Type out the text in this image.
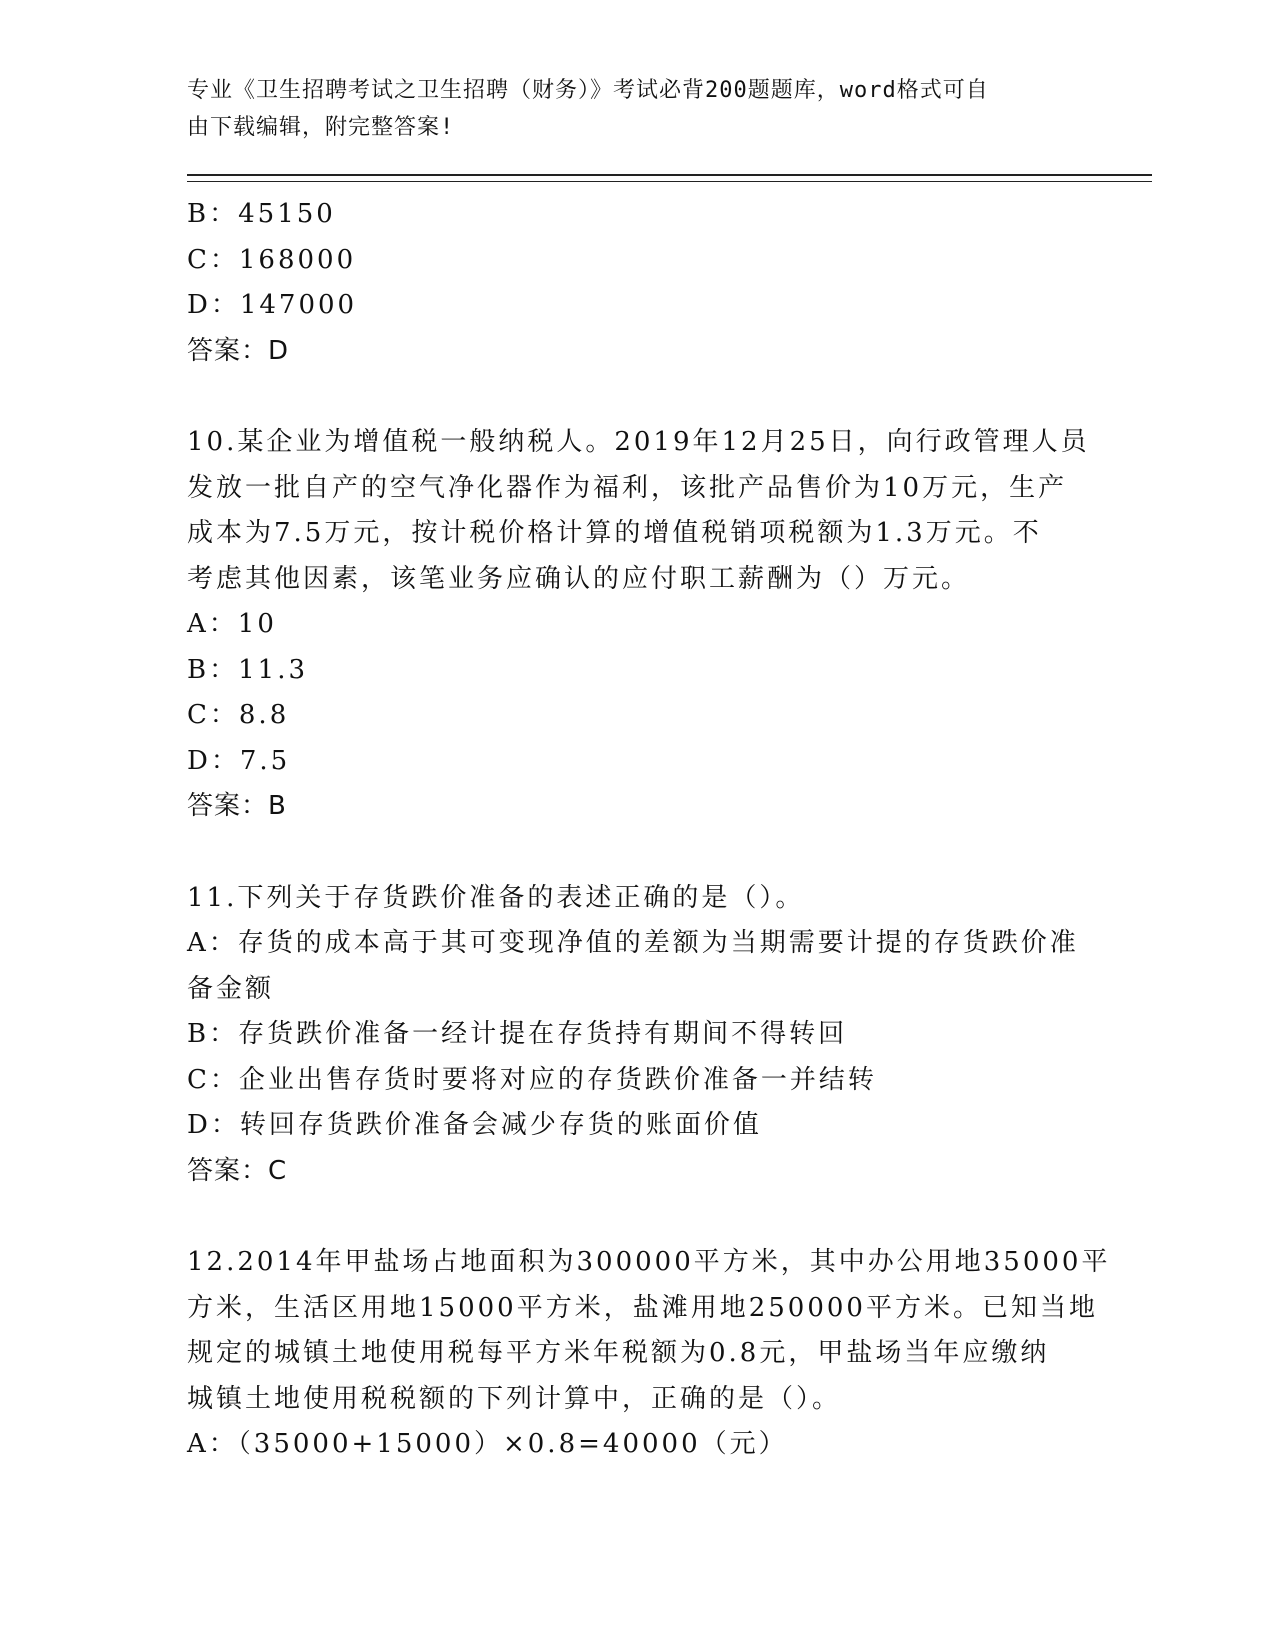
专业《卫生招聘考试之卫生招聘（财务）》考试必背200题题库，word格式可自
由下载编辑，附完整答案!
B：45150
C：168000
D：147000
答案：D
10.某企业为增值税一般纳税人。2019年12月25日，向行政管理人员
发放一批自产的空气净化器作为福利，该批产品售价为10万元，生产
成本为7.5万元，按计税价格计算的增值税销项税额为1.3万元。不
考虑其他因素，该笔业务应确认的应付职工薪酬为（）万元。
A：10
B：11.3
C：8.8
D：7.5
答案：B
11.下列关于存货跌价准备的表述正确的是（）。
A：存货的成本高于其可变现净值的差额为当期需要计提的存货跌价准
备金额
B：存货跌价准备一经计提在存货持有期间不得转回
C：企业出售存货时要将对应的存货跌价准备一并结转
D：转回存货跌价准备会减少存货的账面价值
答案：C
12.2014年甲盐场占地面积为300000平方米，其中办公用地35000平
方米，生活区用地15000平方米，盐滩用地250000平方米。已知当地
规定的城镇土地使用税每平方米年税额为0.8元，甲盐场当年应缴纳
城镇土地使用税税额的下列计算中，正确的是（）。
A：（35000+15000）×0.8=40000（元）
